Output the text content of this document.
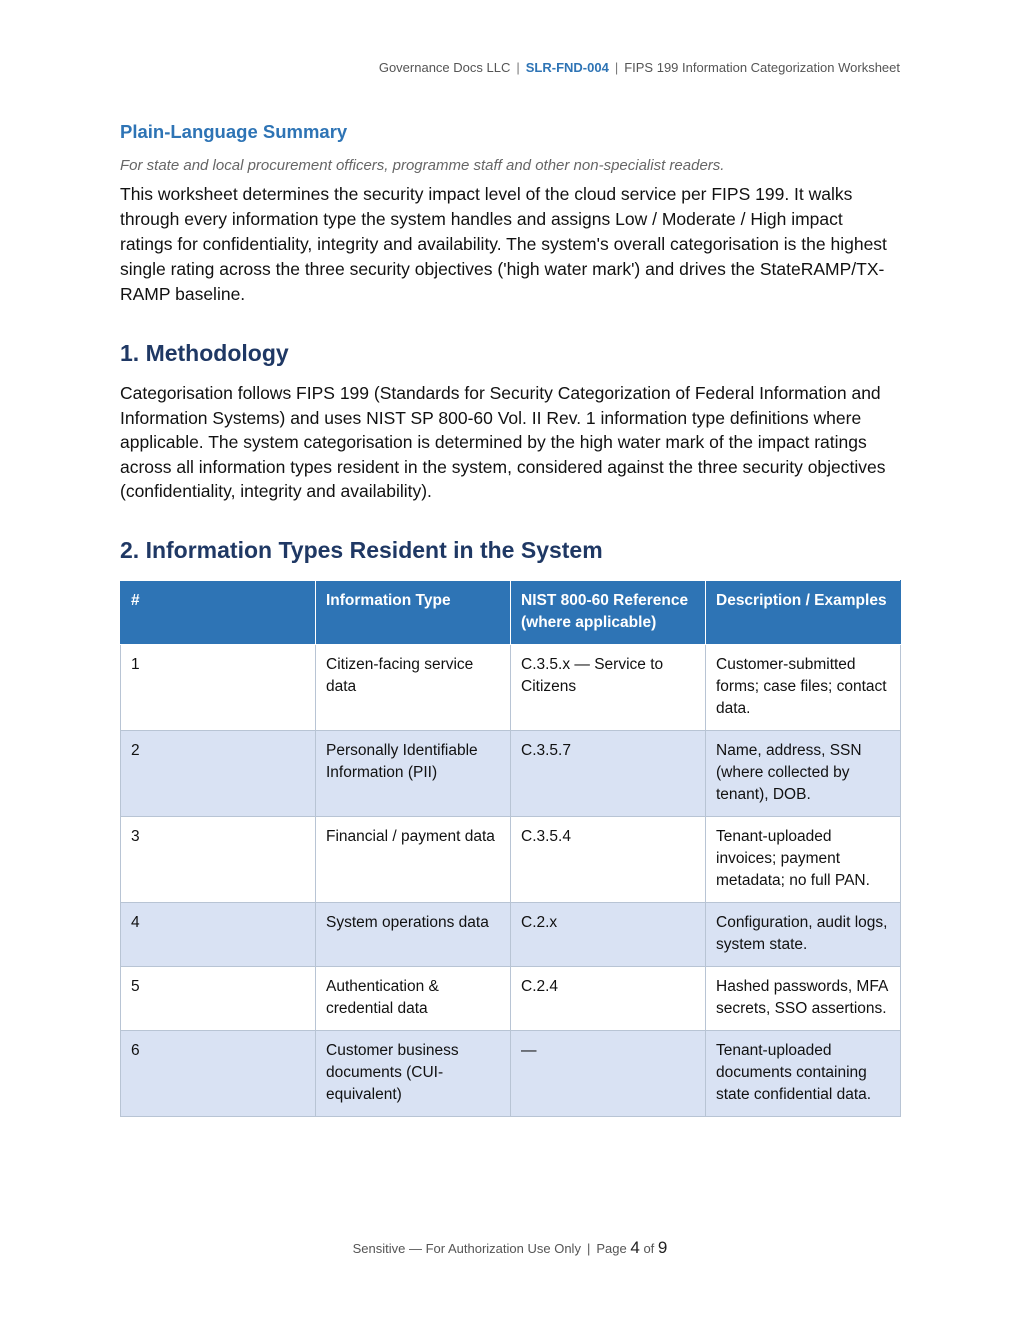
Governance Docs LLC | SLR-FND-004 | FIPS 199 Information Categorization Worksheet

Plain-Language Summary

For state and local procurement officers, programme staff and other non-specialist readers.

This worksheet determines the security impact level of the cloud service per FIPS 199. It walks through every information type the system handles and assigns Low / Moderate / High impact ratings for confidentiality, integrity and availability. The system's overall categorisation is the highest single rating across the three security objectives ('high water mark') and drives the StateRAMP/TX-RAMP baseline.

1. Methodology

Categorisation follows FIPS 199 (Standards for Security Categorization of Federal Information and Information Systems) and uses NIST SP 800-60 Vol. II Rev. 1 information type definitions where applicable. The system categorisation is determined by the high water mark of the impact ratings across all information types resident in the system, considered against the three security objectives (confidentiality, integrity and availability).

2. Information Types Resident in the System
#	Information Type	NIST 800-60 Reference (where applicable)	Description / Examples
1	Citizen-facing service data	C.3.5.x — Service to Citizens	Customer-submitted forms; case files; contact data.
2	Personally Identifiable Information (PII)	C.3.5.7	Name, address, SSN (where collected by tenant), DOB.
3	Financial / payment data	C.3.5.4	Tenant-uploaded invoices; payment metadata; no full PAN.
4	System operations data	C.2.x	Configuration, audit logs, system state.
5	Authentication & credential data	C.2.4	Hashed passwords, MFA secrets, SSO assertions.
6	Customer business documents (CUI-equivalent)	—	Tenant-uploaded documents containing state confidential data.
Sensitive — For Authorization Use Only | Page 4 of 9
